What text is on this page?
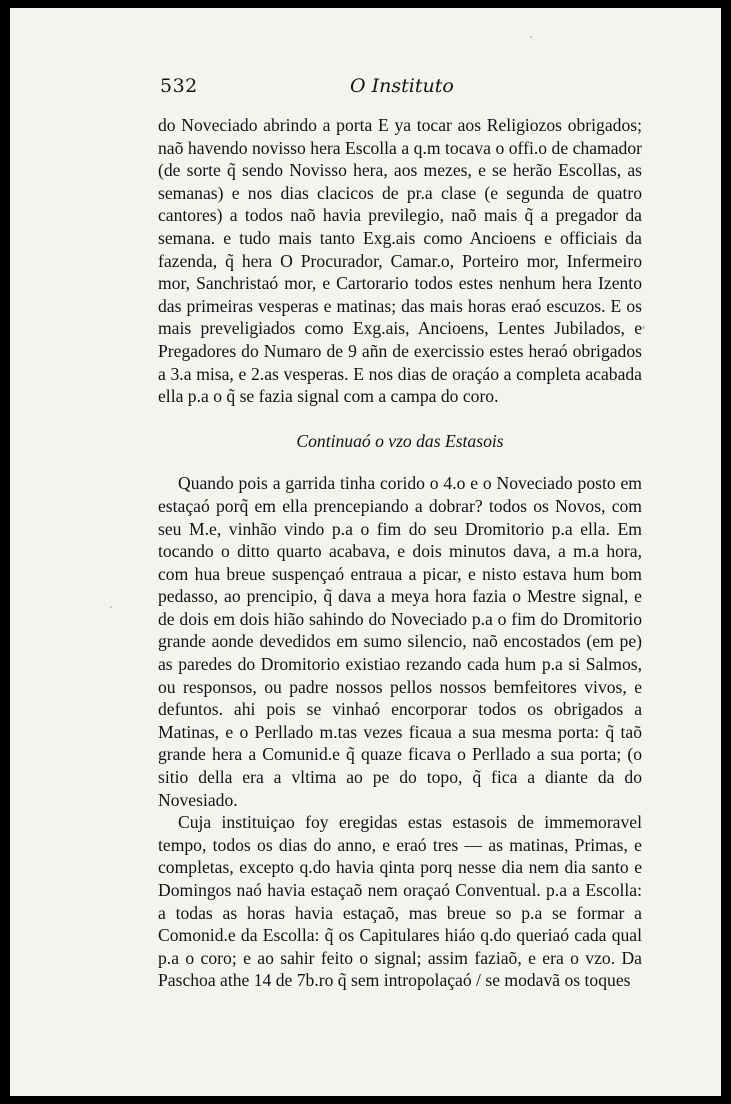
532	O Instituto

do Noveciado abrindo a porta E ya tocar aos Religiozos obrigados; naõ havendo novisso hera Escolla a q.m tocava o offi.o de chamador (de sorte q̃ sendo Novisso hera, aos mezes, e se herão Escollas, as semanas) e nos dias clacicos de pr.a clase (e segunda de quatro cantores) a todos naõ havia previlegio, naõ mais q̃ a pregador da semana. e tudo mais tanto Exg.ais como Ancioens e officiais da fazenda, q̃ hera O Procurador, Camar.o, Porteiro mor, Infermeiro mor, Sanchristaó mor, e Cartorario todos estes nenhum hera Izento das primeiras vesperas e matinas; das mais horas eraó escuzos. E os mais preveligiados como Exg.ais, Ancioens, Lentes Jubilados, e Pregadores do Numaro de 9 añn de exercissio estes heraó obrigados a 3.a misa, e 2.as vesperas. E nos dias de oraçáo a completa acabada ella p.a o q̃ se fazia signal com a campa do coro.

Continuaó o vzo das Estasois

Quando pois a garrida tinha corido o 4.o e o Noveciado posto em estaçaó porq̃ em ella prencepiando a dobrar? todos os Novos, com seu M.e, vinhão vindo p.a o fim do seu Dromitorio p.a ella. Em tocando o ditto quarto acabava, e dois minutos dava, a m.a hora, com hua breue suspençaó entraua a picar, e nisto estava hum bom pedasso, ao prencipio, q̃ dava a meya hora fazia o Mestre signal, e de dois em dois hião sahindo do Noveciado p.a o fim do Dromitorio grande aonde devedidos em sumo silencio, naõ encostados (em pe) as paredes do Dromitorio existiao rezando cada hum p.a si Salmos, ou responsos, ou padre nossos pellos nossos bemfeitores vivos, e defuntos. ahi pois se vinhaó encorporar todos os obrigados a Matinas, e o Perllado m.tas vezes ficaua a sua mesma porta: q̃ taõ grande hera a Comunid.e q̃ quaze ficava o Perllado a sua porta; (o sitio della era a vltima ao pe do topo, q̃ fica a diante da do Novesiado.

Cuja instituiçao foy eregidas estas estasois de immemoravel tempo, todos os dias do anno, e eraó tres — as matinas, Primas, e completas, excepto q.do havia qinta porq nesse dia nem dia santo e Domingos naó havia estaçaõ nem oraçaó Conventual. p.a a Escolla: a todas as horas havia estaçaõ, mas breue so p.a se formar a Comonid.e da Escolla: q̃ os Capitulares hiáo q.do queriaó cada qual p.a o coro; e ao sahir feito o signal; assim faziaõ, e era o vzo. Da Paschoa athe 14 de 7b.ro q̃ sem intropolaçaó / se modavã os toques
